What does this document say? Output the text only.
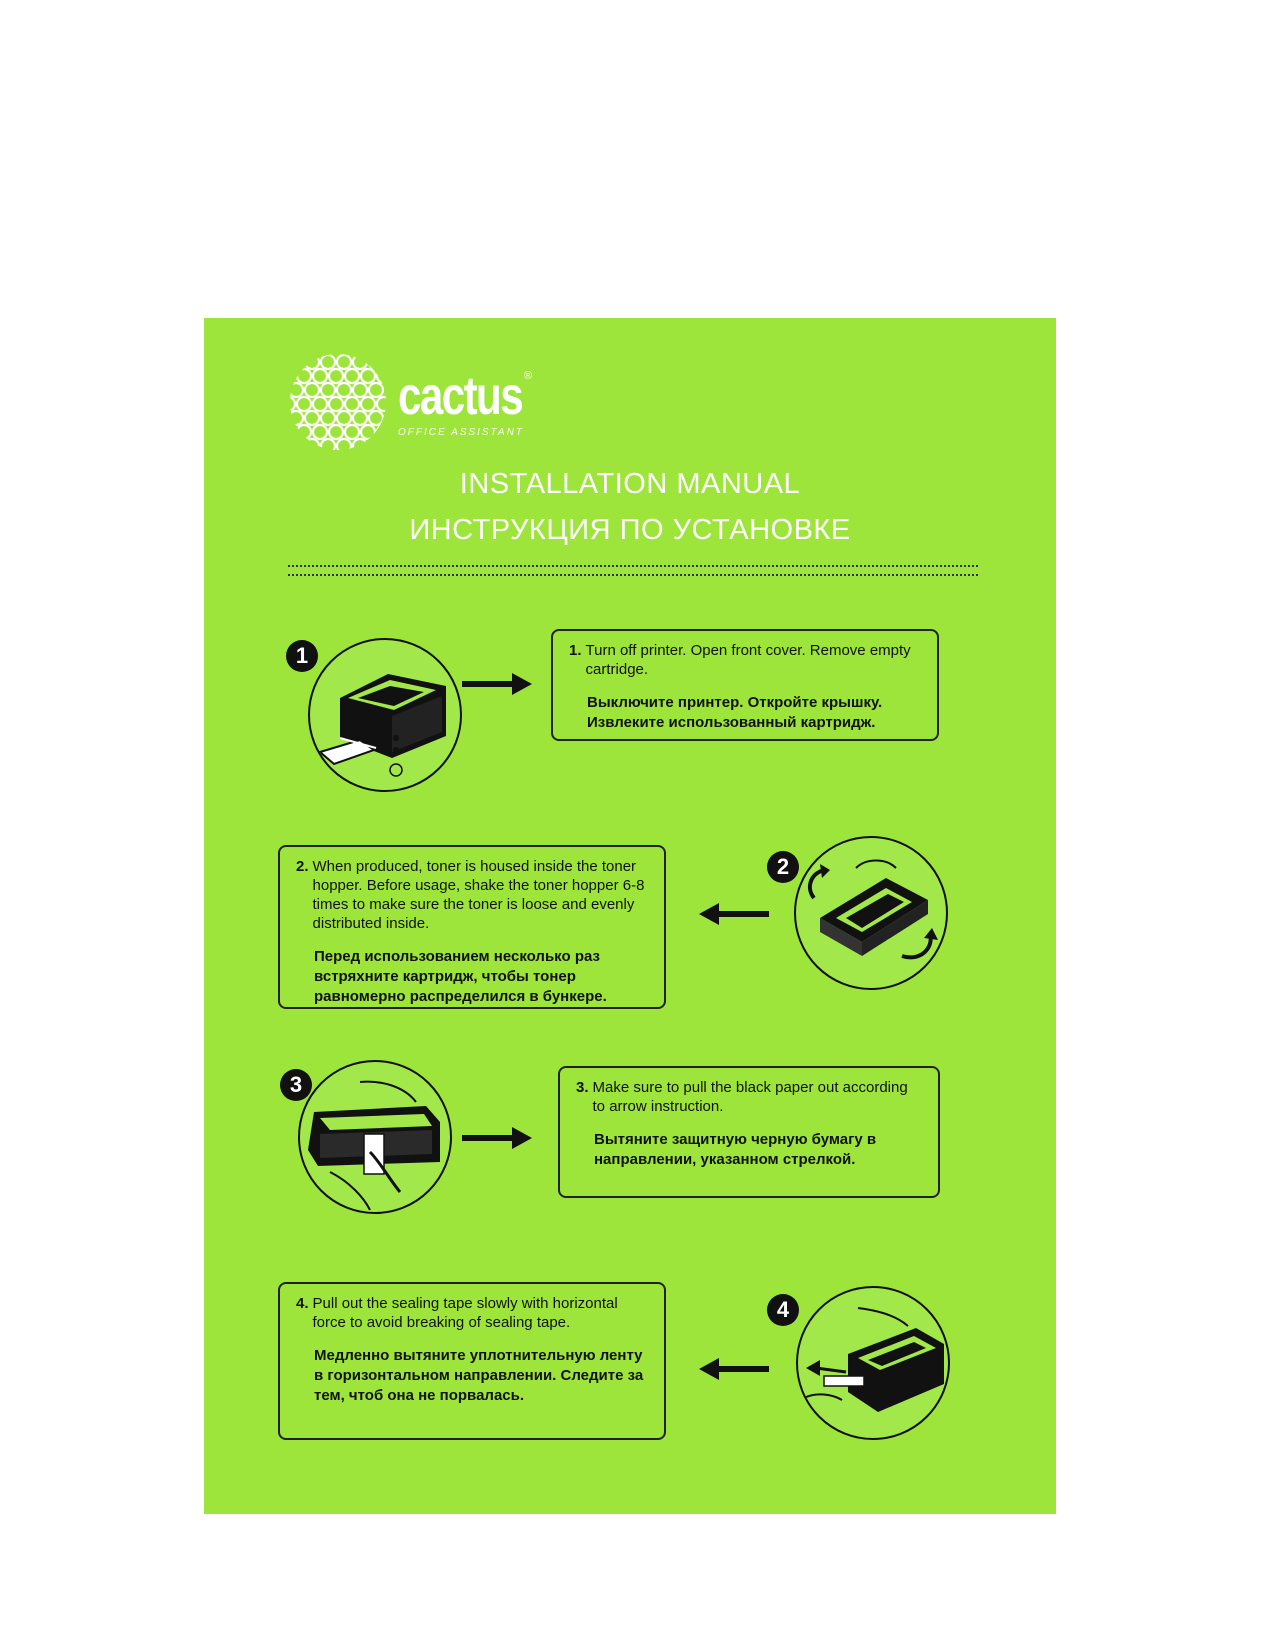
cactus ®
OFFICE ASSISTANT
INSTALLATION MANUAL
ИНСТРУКЦИЯ ПО УСТАНОВКЕ
1	1. Turn off printer. Open front cover. Remove empty cartridge.
Выключите принтер. Откройте крышку. Извлеките использованный картридж.
2. When produced, toner is housed inside the toner hopper. Before usage, shake the toner hopper 6-8 times to make sure the toner is loose and evenly distributed inside.
Перед использованием несколько раз встряхните картридж, чтобы тонер равномерно распределился в бункере.
2
3	3. Make sure to pull the black paper out according to arrow instruction.
Вытяните защитную черную бумагу в направлении, указанном стрелкой.
4. Pull out the sealing tape slowly with horizontal force to avoid breaking of sealing tape.
Медленно вытяните уплотнительную ленту в горизонтальном направлении. Следите за тем, чтоб она не порвалась.
4
